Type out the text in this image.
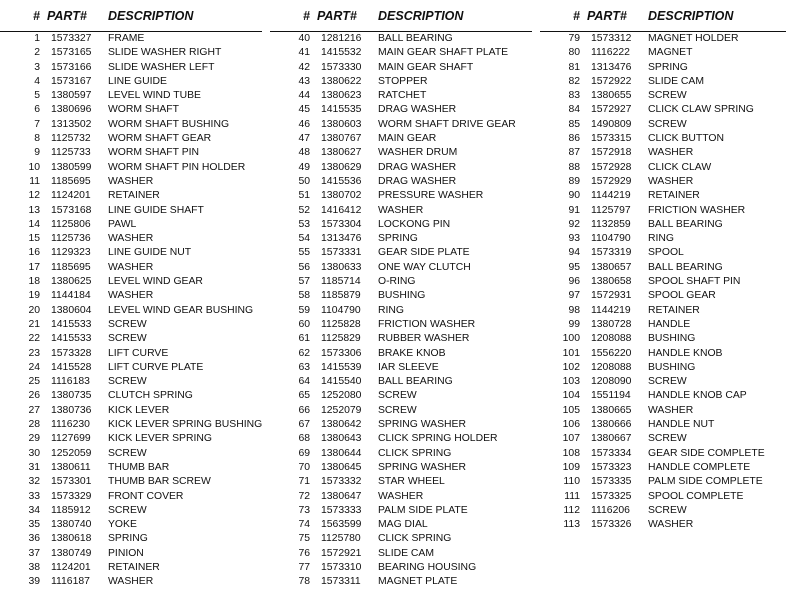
# PART# DESCRIPTION
1 1573327 FRAME
2 1573165 SLIDE WASHER RIGHT
3 1573166 SLIDE WASHER LEFT
4 1573167 LINE GUIDE
5 1380597 LEVEL WIND TUBE
6 1380696 WORM SHAFT
7 1313502 WORM SHAFT BUSHING
8 1125732 WORM SHAFT GEAR
9 1125733 WORM SHAFT PIN
10 1380599 WORM SHAFT PIN HOLDER
11 1185695 WASHER
12 1124201 RETAINER
13 1573168 LINE GUIDE SHAFT
14 1125806 PAWL
15 1125736 WASHER
16 1129323 LINE GUIDE NUT
17 1185695 WASHER
18 1380625 LEVEL WIND GEAR
19 1144184 WASHER
20 1380604 LEVEL WIND GEAR BUSHING
21 1415533 SCREW
22 1415533 SCREW
23 1573328 LIFT CURVE
24 1415528 LIFT CURVE PLATE
25 1116183 SCREW
26 1380735 CLUTCH SPRING
27 1380736 KICK LEVER
28 1116230 KICK LEVER SPRING BUSHING
29 1127699 KICK LEVER SPRING
30 1252059 SCREW
31 1380611 THUMB BAR
32 1573301 THUMB BAR SCREW
33 1573329 FRONT COVER
34 1185912 SCREW
35 1380740 YOKE
36 1380618 SPRING
37 1380749 PINION
38 1124201 RETAINER
39 1116187 WASHER
# PART# DESCRIPTION
40 1281216 BALL BEARING
41 1415532 MAIN GEAR SHAFT PLATE
42 1573330 MAIN GEAR SHAFT
43 1380622 STOPPER
44 1380623 RATCHET
45 1415535 DRAG WASHER
46 1380603 WORM SHAFT DRIVE GEAR
47 1380767 MAIN GEAR
48 1380627 WASHER DRUM
49 1380629 DRAG WASHER
50 1415536 DRAG WASHER
51 1380702 PRESSURE WASHER
52 1416412 WASHER
53 1573304 LOCKONG PIN
54 1313476 SPRING
55 1573331 GEAR SIDE PLATE
56 1380633 ONE WAY CLUTCH
57 1185714 O-RING
58 1185879 BUSHING
59 1104790 RING
60 1125828 FRICTION WASHER
61 1125829 RUBBER WASHER
62 1573306 BRAKE KNOB
63 1415539 IAR SLEEVE
64 1415540 BALL BEARING
65 1252080 SCREW
66 1252079 SCREW
67 1380642 SPRING WASHER
68 1380643 CLICK SPRING HOLDER
69 1380644 CLICK SPRING
70 1380645 SPRING WASHER
71 1573332 STAR WHEEL
72 1380647 WASHER
73 1573333 PALM SIDE PLATE
74 1563599 MAG DIAL
75 1125780 CLICK SPRING
76 1572921 SLIDE CAM
77 1573310 BEARING HOUSING
78 1573311 MAGNET PLATE
# PART# DESCRIPTION
79 1573312 MAGNET HOLDER
80 1116222 MAGNET
81 1313476 SPRING
82 1572922 SLIDE CAM
83 1380655 SCREW
84 1572927 CLICK CLAW SPRING
85 1490809 SCREW
86 1573315 CLICK BUTTON
87 1572918 WASHER
88 1572928 CLICK CLAW
89 1572929 WASHER
90 1144219 RETAINER
91 1125797 FRICTION WASHER
92 1132859 BALL BEARING
93 1104790 RING
94 1573319 SPOOL
95 1380657 BALL BEARING
96 1380658 SPOOL SHAFT PIN
97 1572931 SPOOL GEAR
98 1144219 RETAINER
99 1380728 HANDLE
100 1208088 BUSHING
101 1556220 HANDLE KNOB
102 1208088 BUSHING
103 1208090 SCREW
104 1551194 HANDLE KNOB CAP
105 1380665 WASHER
106 1380666 HANDLE NUT
107 1380667 SCREW
108 1573334 GEAR SIDE COMPLETE
109 1573323 HANDLE COMPLETE
110 1573335 PALM SIDE COMPLETE
111 1573325 SPOOL COMPLETE
112 1116206 SCREW
113 1573326 WASHER
